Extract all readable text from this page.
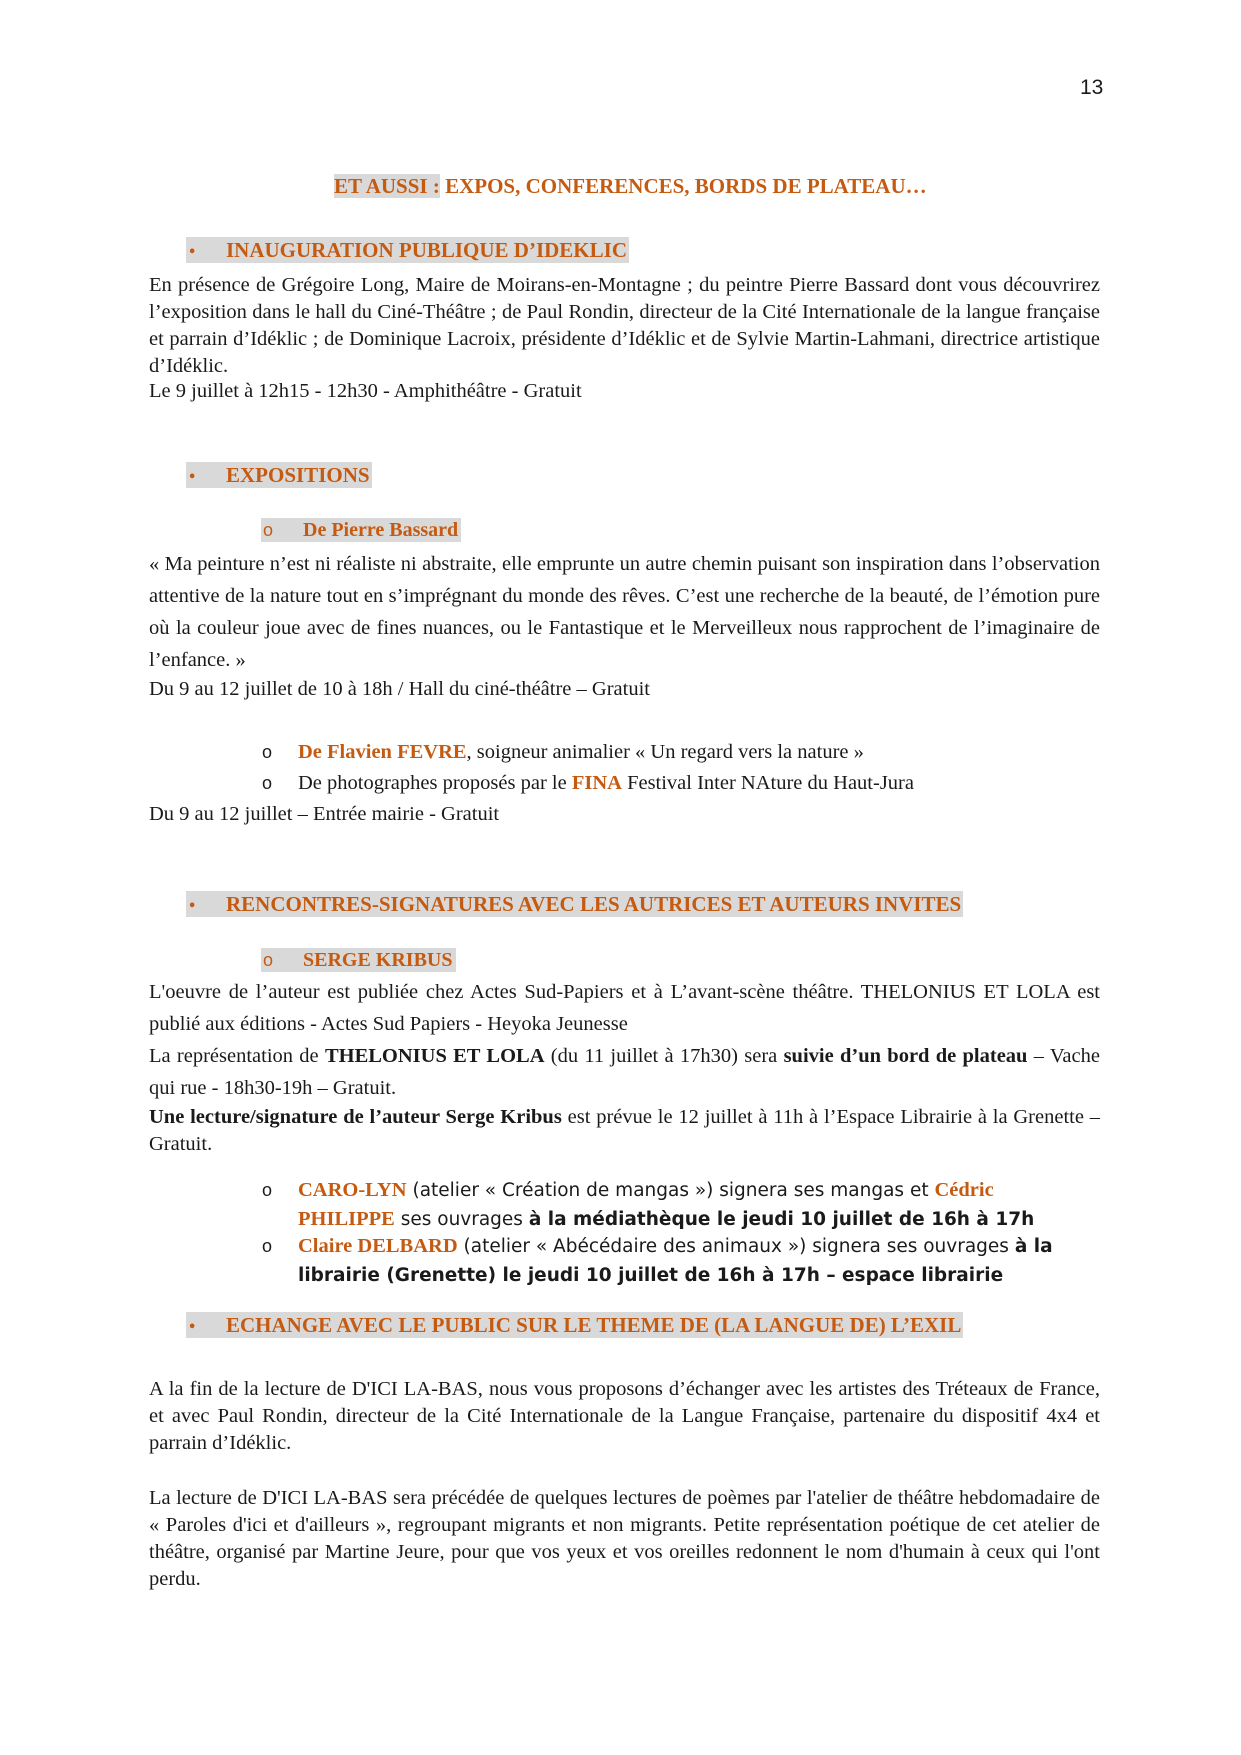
13
ET AUSSI : EXPOS, CONFERENCES, BORDS DE PLATEAU…
• INAUGURATION PUBLIQUE D’IDEKLIC
En présence de Grégoire Long, Maire de Moirans-en-Montagne ; du peintre Pierre Bassard dont vous découvrirez l’exposition dans le hall du Ciné-Théâtre ; de Paul Rondin, directeur de la Cité Internationale de la langue française et parrain d’Idéklic ; de Dominique Lacroix, présidente d’Idéklic et de Sylvie Martin-Lahmani, directrice artistique d’Idéklic.
Le 9 juillet à 12h15 - 12h30 - Amphithéâtre - Gratuit
• EXPOSITIONS
o De Pierre Bassard
« Ma peinture n’est ni réaliste ni abstraite, elle emprunte un autre chemin puisant son inspiration dans l’observation attentive de la nature tout en s’imprégnant du monde des rêves. C’est une recherche de la beauté, de l’émotion pure où la couleur joue avec de fines nuances, ou le Fantastique et le Merveilleux nous rapprochent de l’imaginaire de l’enfance. »
Du 9 au 12 juillet de 10 à 18h / Hall du ciné-théâtre – Gratuit
o De Flavien FEVRE, soigneur animalier « Un regard vers la nature »
o De photographes proposés par le FINA Festival Inter NAture du Haut-Jura
Du 9 au 12 juillet – Entrée mairie - Gratuit
• RENCONTRES-SIGNATURES AVEC LES AUTRICES ET AUTEURS INVITES
o SERGE KRIBUS
L'oeuvre de l’auteur est publiée chez Actes Sud-Papiers et à L’avant-scène théâtre. THELONIUS ET LOLA est publié aux éditions - Actes Sud Papiers - Heyoka Jeunesse
La représentation de THELONIUS ET LOLA (du 11 juillet à 17h30) sera suivie d’un bord de plateau – Vache qui rue - 18h30-19h – Gratuit.
Une lecture/signature de l’auteur Serge Kribus est prévue le 12 juillet à 11h à l’Espace Librairie à la Grenette – Gratuit.
o CARO-LYN (atelier « Création de mangas ») signera ses mangas et Cédric PHILIPPE ses ouvrages à la médiathèque le jeudi 10 juillet de 16h à 17h
o Claire DELBARD (atelier « Abécédaire des animaux ») signera ses ouvrages à la librairie (Grenette) le jeudi 10 juillet de 16h à 17h – espace librairie
• ECHANGE AVEC LE PUBLIC SUR LE THEME DE (LA LANGUE DE) L’EXIL
A la fin de la lecture de D'ICI LA-BAS, nous vous proposons d’échanger avec les artistes des Tréteaux de France, et avec Paul Rondin, directeur de la Cité Internationale de la Langue Française, partenaire du dispositif 4x4 et parrain d’Idéklic.
La lecture de D'ICI LA-BAS sera précédée de quelques lectures de poèmes par l'atelier de théâtre hebdomadaire de « Paroles d'ici et d'ailleurs », regroupant migrants et non migrants. Petite représentation poétique de cet atelier de théâtre, organisé par Martine Jeure, pour que vos yeux et vos oreilles redonnent le nom d'humain à ceux qui l'ont perdu.
